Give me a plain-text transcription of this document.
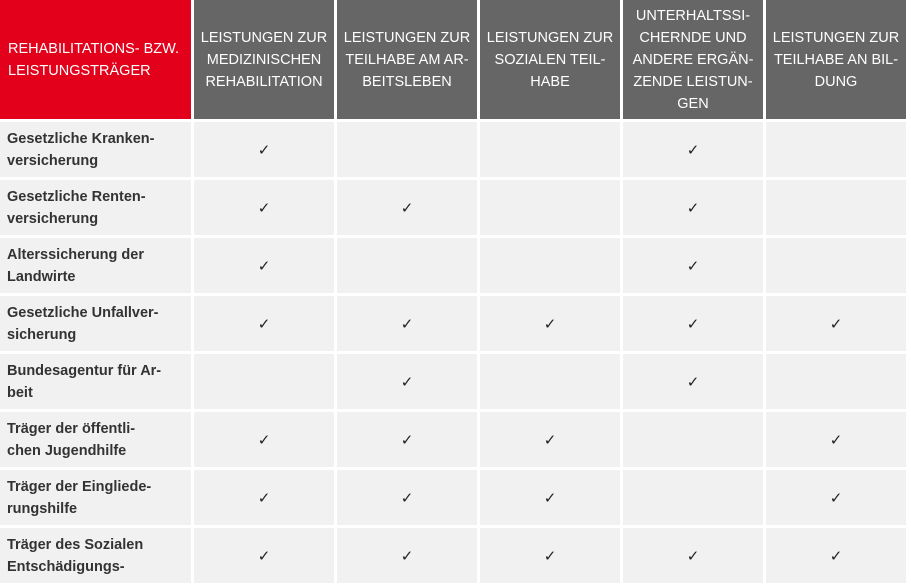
REHABILITATIONS- BZW.
LEISTUNGSTRÄGER	LEISTUNGEN ZUR
MEDIZINISCHEN
REHABILITATION	LEISTUNGEN ZUR
TEILHABE AM AR-
BEITSLEBEN	LEISTUNGEN ZUR
SOZIALEN TEIL-
HABE	UNTERHALTSSI-
CHERNDE UND
ANDERE ERGÄN-
ZENDE LEISTUN-
GEN	LEISTUNGEN ZUR
TEILHABE AN BIL-
DUNG
Gesetzliche Kranken-
versicherung	✓			✓	
Gesetzliche Renten-
versicherung	✓	✓		✓	
Alterssicherung der
Landwirte	✓			✓	
Gesetzliche Unfallver-
sicherung	✓	✓	✓	✓	✓
Bundesagentur für Ar-
beit		✓		✓	
Träger der öffentli-
chen Jugendhilfe	✓	✓	✓		✓
Träger der Eingliede-
rungshilfe	✓	✓	✓		✓
Träger des Sozialen
Entschädigungs-	✓	✓	✓	✓	✓
